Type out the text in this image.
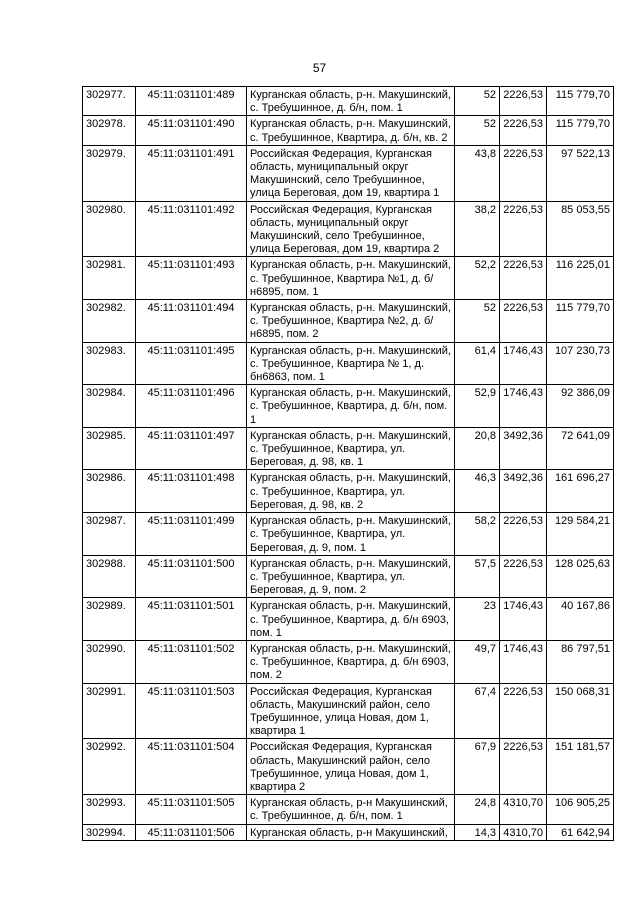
57
302977.	45:11:031101:489	Курганская область, р-н. Макушинский, с. Требушинное, д. б/н, пом. 1	52	2226,53	115 779,70
302978.	45:11:031101:490	Курганская область, р-н. Макушинский, с. Требушинное, Квартира, д. б/н, кв. 2	52	2226,53	115 779,70
302979.	45:11:031101:491	Российская Федерация, Курганская область, муниципальный округ Макушинский, село Требушинное, улица Береговая, дом 19, квартира 1	43,8	2226,53	97 522,13
302980.	45:11:031101:492	Российская Федерация, Курганская область, муниципальный округ Макушинский, село Требушинное, улица Береговая, дом 19, квартира 2	38,2	2226,53	85 053,55
302981.	45:11:031101:493	Курганская область, р-н. Макушинский, с. Требушинное, Квартира №1, д. б/н6895, пом. 1	52,2	2226,53	116 225,01
302982.	45:11:031101:494	Курганская область, р-н. Макушинский, с. Требушинное, Квартира №2, д. б/н6895, пом. 2	52	2226,53	115 779,70
302983.	45:11:031101:495	Курганская область, р-н. Макушинский, с. Требушинное, Квартира № 1, д. бн6863, пом. 1	61,4	1746,43	107 230,73
302984.	45:11:031101:496	Курганская область, р-н. Макушинский, с. Требушинное, Квартира, д. б/н, пом. 1	52,9	1746,43	92 386,09
302985.	45:11:031101:497	Курганская область, р-н. Макушинский, с. Требушинное, Квартира, ул. Береговая, д. 98, кв. 1	20,8	3492,36	72 641,09
302986.	45:11:031101:498	Курганская область, р-н. Макушинский, с. Требушинное, Квартира, ул. Береговая, д. 98, кв. 2	46,3	3492,36	161 696,27
302987.	45:11:031101:499	Курганская область, р-н. Макушинский, с. Требушинное, Квартира, ул. Береговая, д. 9, пом. 1	58,2	2226,53	129 584,21
302988.	45:11:031101:500	Курганская область, р-н. Макушинский, с. Требушинное, Квартира, ул. Береговая, д. 9, пом. 2	57,5	2226,53	128 025,63
302989.	45:11:031101:501	Курганская область, р-н. Макушинский, с. Требушинное, Квартира, д. б/н 6903, пом. 1	23	1746,43	40 167,86
302990.	45:11:031101:502	Курганская область, р-н. Макушинский, с. Требушинное, Квартира, д. б/н 6903, пом. 2	49,7	1746,43	86 797,51
302991.	45:11:031101:503	Российская Федерация, Курганская область, Макушинский район, село Требушинное, улица Новая, дом 1, квартира 1	67,4	2226,53	150 068,31
302992.	45:11:031101:504	Российская Федерация, Курганская область, Макушинский район, село Требушинное, улица Новая, дом 1, квартира 2	67,9	2226,53	151 181,57
302993.	45:11:031101:505	Курганская область, р-н Макушинский, с. Требушинное, д. б/н, пом. 1	24,8	4310,70	106 905,25
302994.	45:11:031101:506	Курганская область, р-н Макушинский,	14,3	4310,70	61 642,94
